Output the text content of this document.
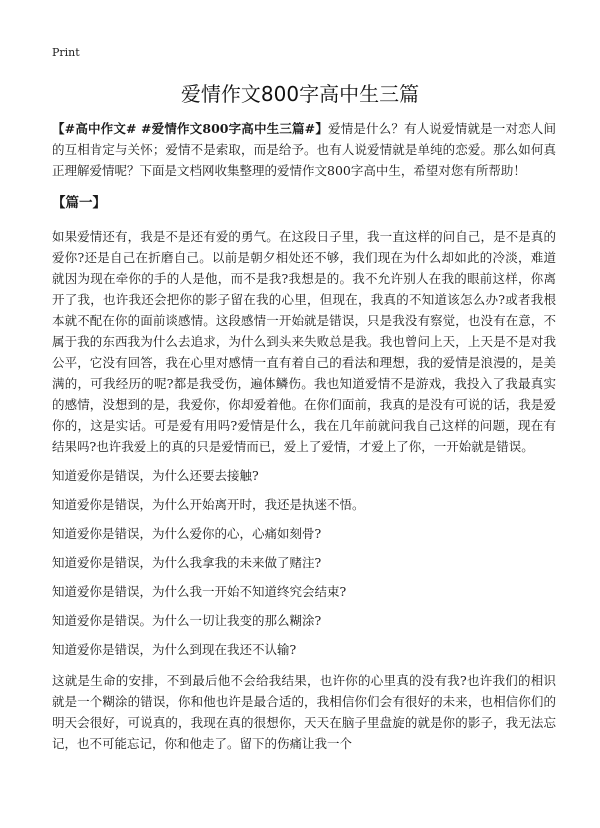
Print
爱情作文800字高中生三篇

【#高中作文# #爱情作文800字高中生三篇#】爱情是什么？有人说爱情就是一对恋人间的互相肯定与关怀；爱情不是索取，而是给予。也有人说爱情就是单纯的恋爱。那么如何真正理解爱情呢？下面是文档网收集整理的爱情作文800字高中生，希望对您有所帮助！

【篇一】

如果爱情还有，我是不是还有爱的勇气。在这段日子里，我一直这样的问自己，是不是真的爱你?还是自己在折磨自己。以前是朝夕相处还不够，我们现在为什么却如此的冷淡，难道就因为现在牵你的手的人是他，而不是我?我想是的。我不允许别人在我的眼前这样，你离开了我，也许我还会把你的影子留在我的心里，但现在，我真的不知道该怎么办?或者我根本就不配在你的面前谈感情。这段感情一开始就是错误，只是我没有察觉，也没有在意，不属于我的东西我为什么去追求，为什么到头来失败总是我。我也曾问上天，上天是不是对我公平，它没有回答，我在心里对感情一直有着自己的看法和理想，我的爱情是浪漫的，是美满的，可我经历的呢?都是我受伤，遍体鳞伤。我也知道爱情不是游戏，我投入了我最真实的感情，没想到的是，我爱你，你却爱着他。在你们面前，我真的是没有可说的话，我是爱你的，这是实话。可是爱有用吗?爱情是什么，我在几年前就问我自己这样的问题，现在有结果吗?也许我爱上的真的只是爱情而已，爱上了爱情，才爱上了你，一开始就是错误。

知道爱你是错误，为什么还要去接触?

知道爱你是错误，为什么开始离开时，我还是执迷不悟。

知道爱你是错误，为什么爱你的心，心痛如刻骨?

知道爱你是错误，为什么我拿我的未来做了赌注?

知道爱你是错误，为什么我一开始不知道终究会结束?

知道爱你是错误。为什么一切让我变的那么糊涂?

知道爱你是错误，为什么到现在我还不认输?

这就是生命的安排，不到最后他不会给我结果，也许你的心里真的没有我?也许我们的相识就是一个糊涂的错误，你和他也许是最合适的，我相信你们会有很好的未来，也相信你们的明天会很好，可说真的，我现在真的很想你，天天在脑子里盘旋的就是你的影子，我无法忘记，也不可能忘记，你和他走了。留下的伤痛让我一个
